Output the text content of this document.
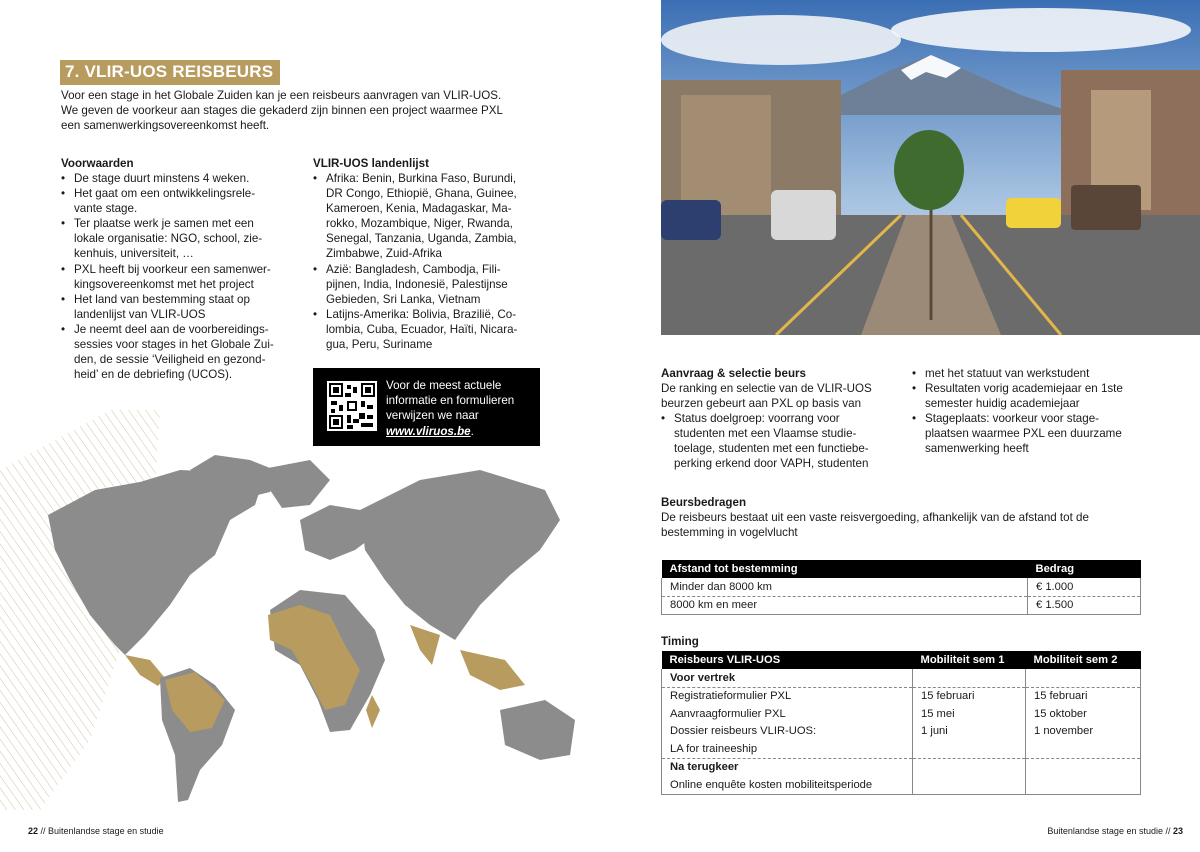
7. VLIR-UOS REISBEURS
Voor een stage in het Globale Zuiden kan je een reisbeurs aanvragen van VLIR-UOS.
We geven de voorkeur aan stages die gekaderd zijn binnen een project waarmee PXL
een samenwerkingsovereenkomst heeft.
Voorwaarden
• De stage duurt minstens 4 weken.
• Het gaat om een ontwikkelingsrele-
vante stage.
• Ter plaatse werk je samen met een
lokale organisatie: NGO, school, zie-
kenhuis, universiteit, …
• PXL heeft bij voorkeur een samenwer-
kingsovereenkomst met het project
• Het land van bestemming staat op
landenlijst van VLIR-UOS
• Je neemt deel aan de voorbereidings-
sessies voor stages in het Globale Zui-
den, de sessie ‘Veiligheid en gezond-
heid’ en de debriefing (UCOS).
VLIR-UOS landenlijst
• Afrika: Benin, Burkina Faso, Burundi,
DR Congo, Ethiopië, Ghana, Guinee,
Kameroen, Kenia, Madagaskar, Ma-
rokko, Mozambique, Niger, Rwanda,
Senegal, Tanzania, Uganda, Zambia,
Zimbabwe, Zuid-Afrika
• Azië: Bangladesh, Cambodja, Fili-
pijnen, India, Indonesië, Palestijnse
Gebieden, Sri Lanka, Vietnam
• Latijns-Amerika: Bolivia, Brazilië, Co-
lombia, Cuba, Ecuador, Haïti, Nicara-
gua, Peru, Suriname
Voor de meest actuele
informatie en formulieren
verwijzen we naar
www.vliruos.be.
22 // Buitenlandse stage en studie
Aanvraag & selectie beurs
De ranking en selectie van de VLIR-UOS
beurzen gebeurt aan PXL op basis van
• Status doelgroep: voorrang voor
studenten met een Vlaamse studie-
toelage, studenten met een functiebe-
perking erkend door VAPH, studenten
• met het statuut van werkstudent
• Resultaten vorig academiejaar en 1ste
semester huidig academiejaar
• Stageplaats: voorkeur voor stage-
plaatsen waarmee PXL een duurzame
samenwerking heeft
Beursbedragen
De reisbeurs bestaat uit een vaste reisvergoeding, afhankelijk van de afstand tot de
bestemming in vogelvlucht
Afstand tot bestemming	Bedrag
Minder dan 8000 km	€ 1.000
8000 km en meer	€ 1.500
Timing
Reisbeurs VLIR-UOS	Mobiliteit sem 1	Mobiliteit sem 2
Voor vertrek		
Registratieformulier PXL	15 februari	15 februari
Aanvraagformulier PXL	15 mei	15 oktober
Dossier reisbeurs VLIR-UOS:	1 juni	1 november
LA for traineeship		
Na terugkeer		
Online enquête kosten mobiliteitsperiode		
Buitenlandse stage en studie // 23
